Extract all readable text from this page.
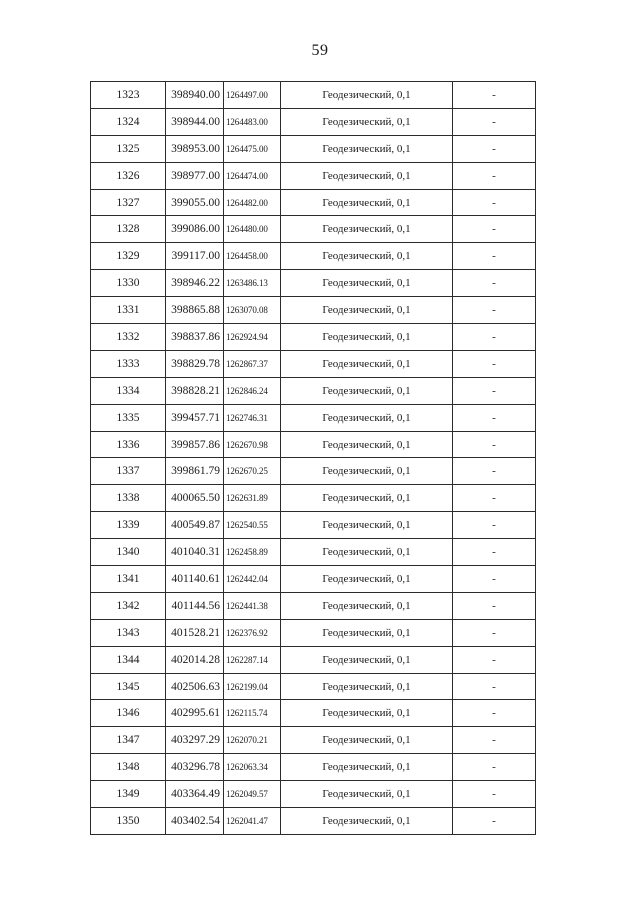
59
1323	398940.00	1264497.00	Геодезический, 0,1	-
1324	398944.00	1264483.00	Геодезический, 0,1	-
1325	398953.00	1264475.00	Геодезический, 0,1	-
1326	398977.00	1264474.00	Геодезический, 0,1	-
1327	399055.00	1264482.00	Геодезический, 0,1	-
1328	399086.00	1264480.00	Геодезический, 0,1	-
1329	399117.00	1264458.00	Геодезический, 0,1	-
1330	398946.22	1263486.13	Геодезический, 0,1	-
1331	398865.88	1263070.08	Геодезический, 0,1	-
1332	398837.86	1262924.94	Геодезический, 0,1	-
1333	398829.78	1262867.37	Геодезический, 0,1	-
1334	398828.21	1262846.24	Геодезический, 0,1	-
1335	399457.71	1262746.31	Геодезический, 0,1	-
1336	399857.86	1262670.98	Геодезический, 0,1	-
1337	399861.79	1262670.25	Геодезический, 0,1	-
1338	400065.50	1262631.89	Геодезический, 0,1	-
1339	400549.87	1262540.55	Геодезический, 0,1	-
1340	401040.31	1262458.89	Геодезический, 0,1	-
1341	401140.61	1262442.04	Геодезический, 0,1	-
1342	401144.56	1262441.38	Геодезический, 0,1	-
1343	401528.21	1262376.92	Геодезический, 0,1	-
1344	402014.28	1262287.14	Геодезический, 0,1	-
1345	402506.63	1262199.04	Геодезический, 0,1	-
1346	402995.61	1262115.74	Геодезический, 0,1	-
1347	403297.29	1262070.21	Геодезический, 0,1	-
1348	403296.78	1262063.34	Геодезический, 0,1	-
1349	403364.49	1262049.57	Геодезический, 0,1	-
1350	403402.54	1262041.47	Геодезический, 0,1	-
